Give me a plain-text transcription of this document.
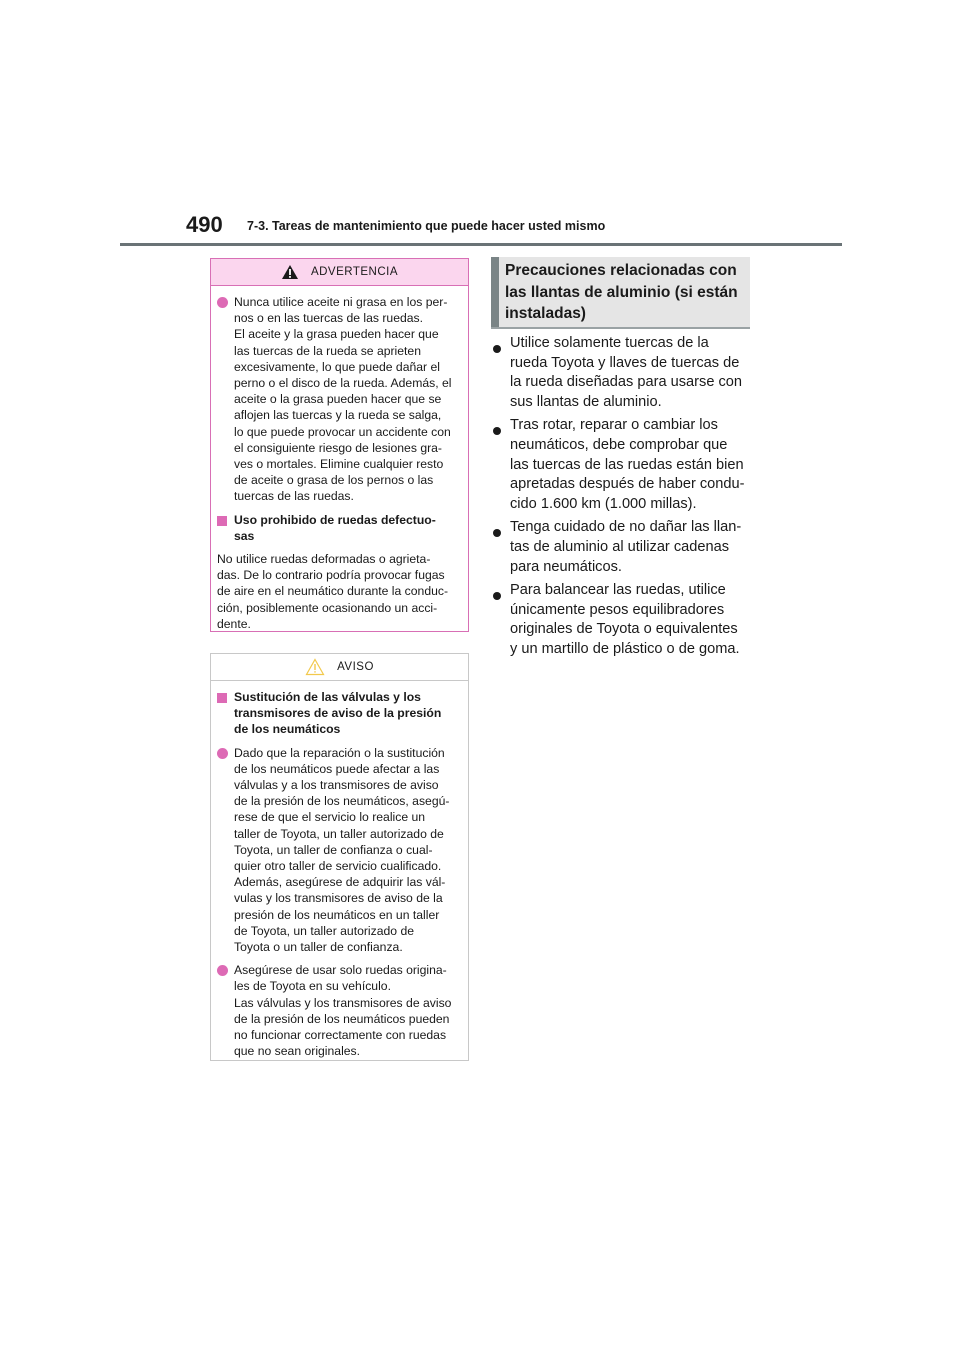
490 7-3. Tareas de mantenimiento que puede hacer usted mismo
ADVERTENCIA
Nunca utilice aceite ni grasa en los per-
nos o en las tuercas de las ruedas.
El aceite y la grasa pueden hacer que
las tuercas de la rueda se aprieten
excesivamente, lo que puede dañar el
perno o el disco de la rueda. Además, el
aceite o la grasa pueden hacer que se
aflojen las tuercas y la rueda se salga,
lo que puede provocar un accidente con
el consiguiente riesgo de lesiones gra-
ves o mortales. Elimine cualquier resto
de aceite o grasa de los pernos o las
tuercas de las ruedas.
Uso prohibido de ruedas defectuo-
sas
No utilice ruedas deformadas o agrieta-
das. De lo contrario podría provocar fugas
de aire en el neumático durante la conduc-
ción, posiblemente ocasionando un acci-
dente.
AVISO
Sustitución de las válvulas y los
transmisores de aviso de la presión
de los neumáticos
Dado que la reparación o la sustitución
de los neumáticos puede afectar a las
válvulas y a los transmisores de aviso
de la presión de los neumáticos, asegú-
rese de que el servicio lo realice un
taller de Toyota, un taller autorizado de
Toyota, un taller de confianza o cual-
quier otro taller de servicio cualificado.
Además, asegúrese de adquirir las vál-
vulas y los transmisores de aviso de la
presión de los neumáticos en un taller
de Toyota, un taller autorizado de
Toyota o un taller de confianza.
Asegúrese de usar solo ruedas origina-
les de Toyota en su vehículo.
Las válvulas y los transmisores de aviso
de la presión de los neumáticos pueden
no funcionar correctamente con ruedas
que no sean originales.
Precauciones relacionadas con
las llantas de aluminio (si están
instaladas)
Utilice solamente tuercas de la
rueda Toyota y llaves de tuercas de
la rueda diseñadas para usarse con
sus llantas de aluminio.
Tras rotar, reparar o cambiar los
neumáticos, debe comprobar que
las tuercas de las ruedas están bien
apretadas después de haber condu-
cido 1.600 km (1.000 millas).
Tenga cuidado de no dañar las llan-
tas de aluminio al utilizar cadenas
para neumáticos.
Para balancear las ruedas, utilice
únicamente pesos equilibradores
originales de Toyota o equivalentes
y un martillo de plástico o de goma.
